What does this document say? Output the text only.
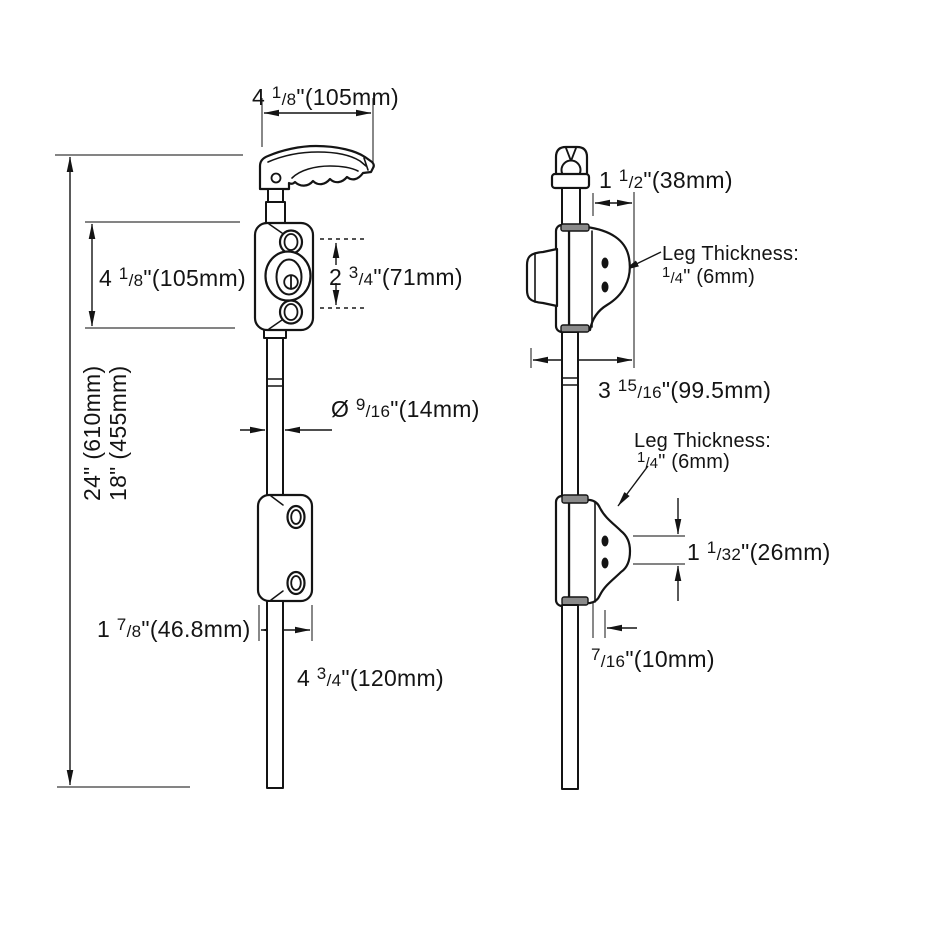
4 $^1$/8"(105mm)
4 $^1$/8"(105mm)
24" (610mm) 18" (455mm)
2 $^3$/4"(71mm)
Ø $^9$/16"(14mm)
1 $^7$/8"(46.8mm)
4 $^3$/4"(120mm)
1 $^1$/2"(38mm)
Leg Thickness:
$^1$/4" (6mm)
3 $^{15}$/16"(99.5mm)
Leg Thickness:
$^1$/4" (6mm)
1 $^1$/32"(26mm)
$^7$/16"(10mm)
